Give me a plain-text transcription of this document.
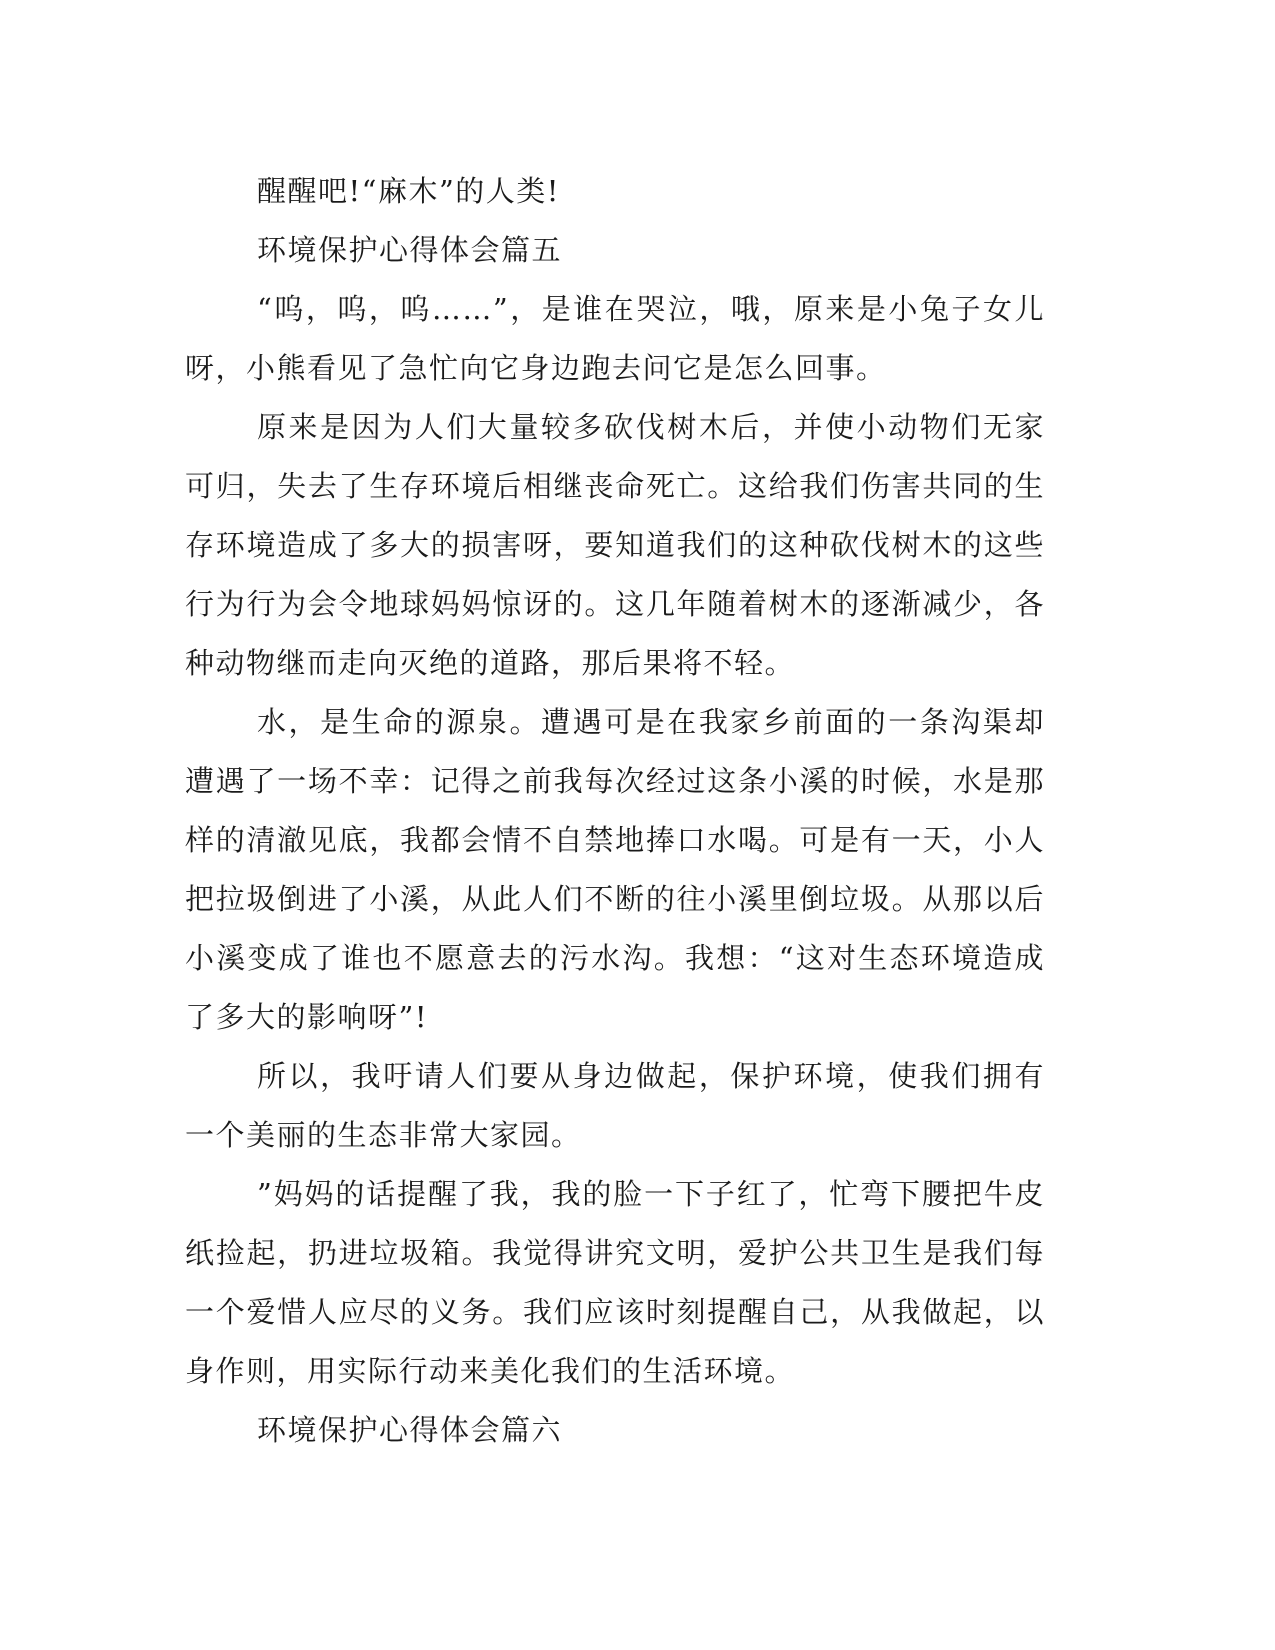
醒醒吧!“麻木”的人类!

环境保护心得体会篇五

“呜，呜，呜……”，是谁在哭泣，哦，原来是小兔子女儿呀，小熊看见了急忙向它身边跑去问它是怎么回事。

原来是因为人们大量较多砍伐树木后，并使小动物们无家可归，失去了生存环境后相继丧命死亡。这给我们伤害共同的生存环境造成了多大的损害呀，要知道我们的这种砍伐树木的这些行为行为会令地球妈妈惊讶的。这几年随着树木的逐渐减少，各种动物继而走向灭绝的道路，那后果将不轻。

水，是生命的源泉。遭遇可是在我家乡前面的一条沟渠却遭遇了一场不幸：记得之前我每次经过这条小溪的时候，水是那样的清澈见底，我都会情不自禁地捧口水喝。可是有一天，小人把拉圾倒进了小溪，从此人们不断的往小溪里倒垃圾。从那以后小溪变成了谁也不愿意去的污水沟。我想：“这对生态环境造成了多大的影响呀”!

所以，我吁请人们要从身边做起，保护环境，使我们拥有一个美丽的生态非常大家园。

”妈妈的话提醒了我，我的脸一下子红了，忙弯下腰把牛皮纸捡起，扔进垃圾箱。我觉得讲究文明，爱护公共卫生是我们每一个爱惜人应尽的义务。我们应该时刻提醒自己，从我做起，以身作则，用实际行动来美化我们的生活环境。

环境保护心得体会篇六
